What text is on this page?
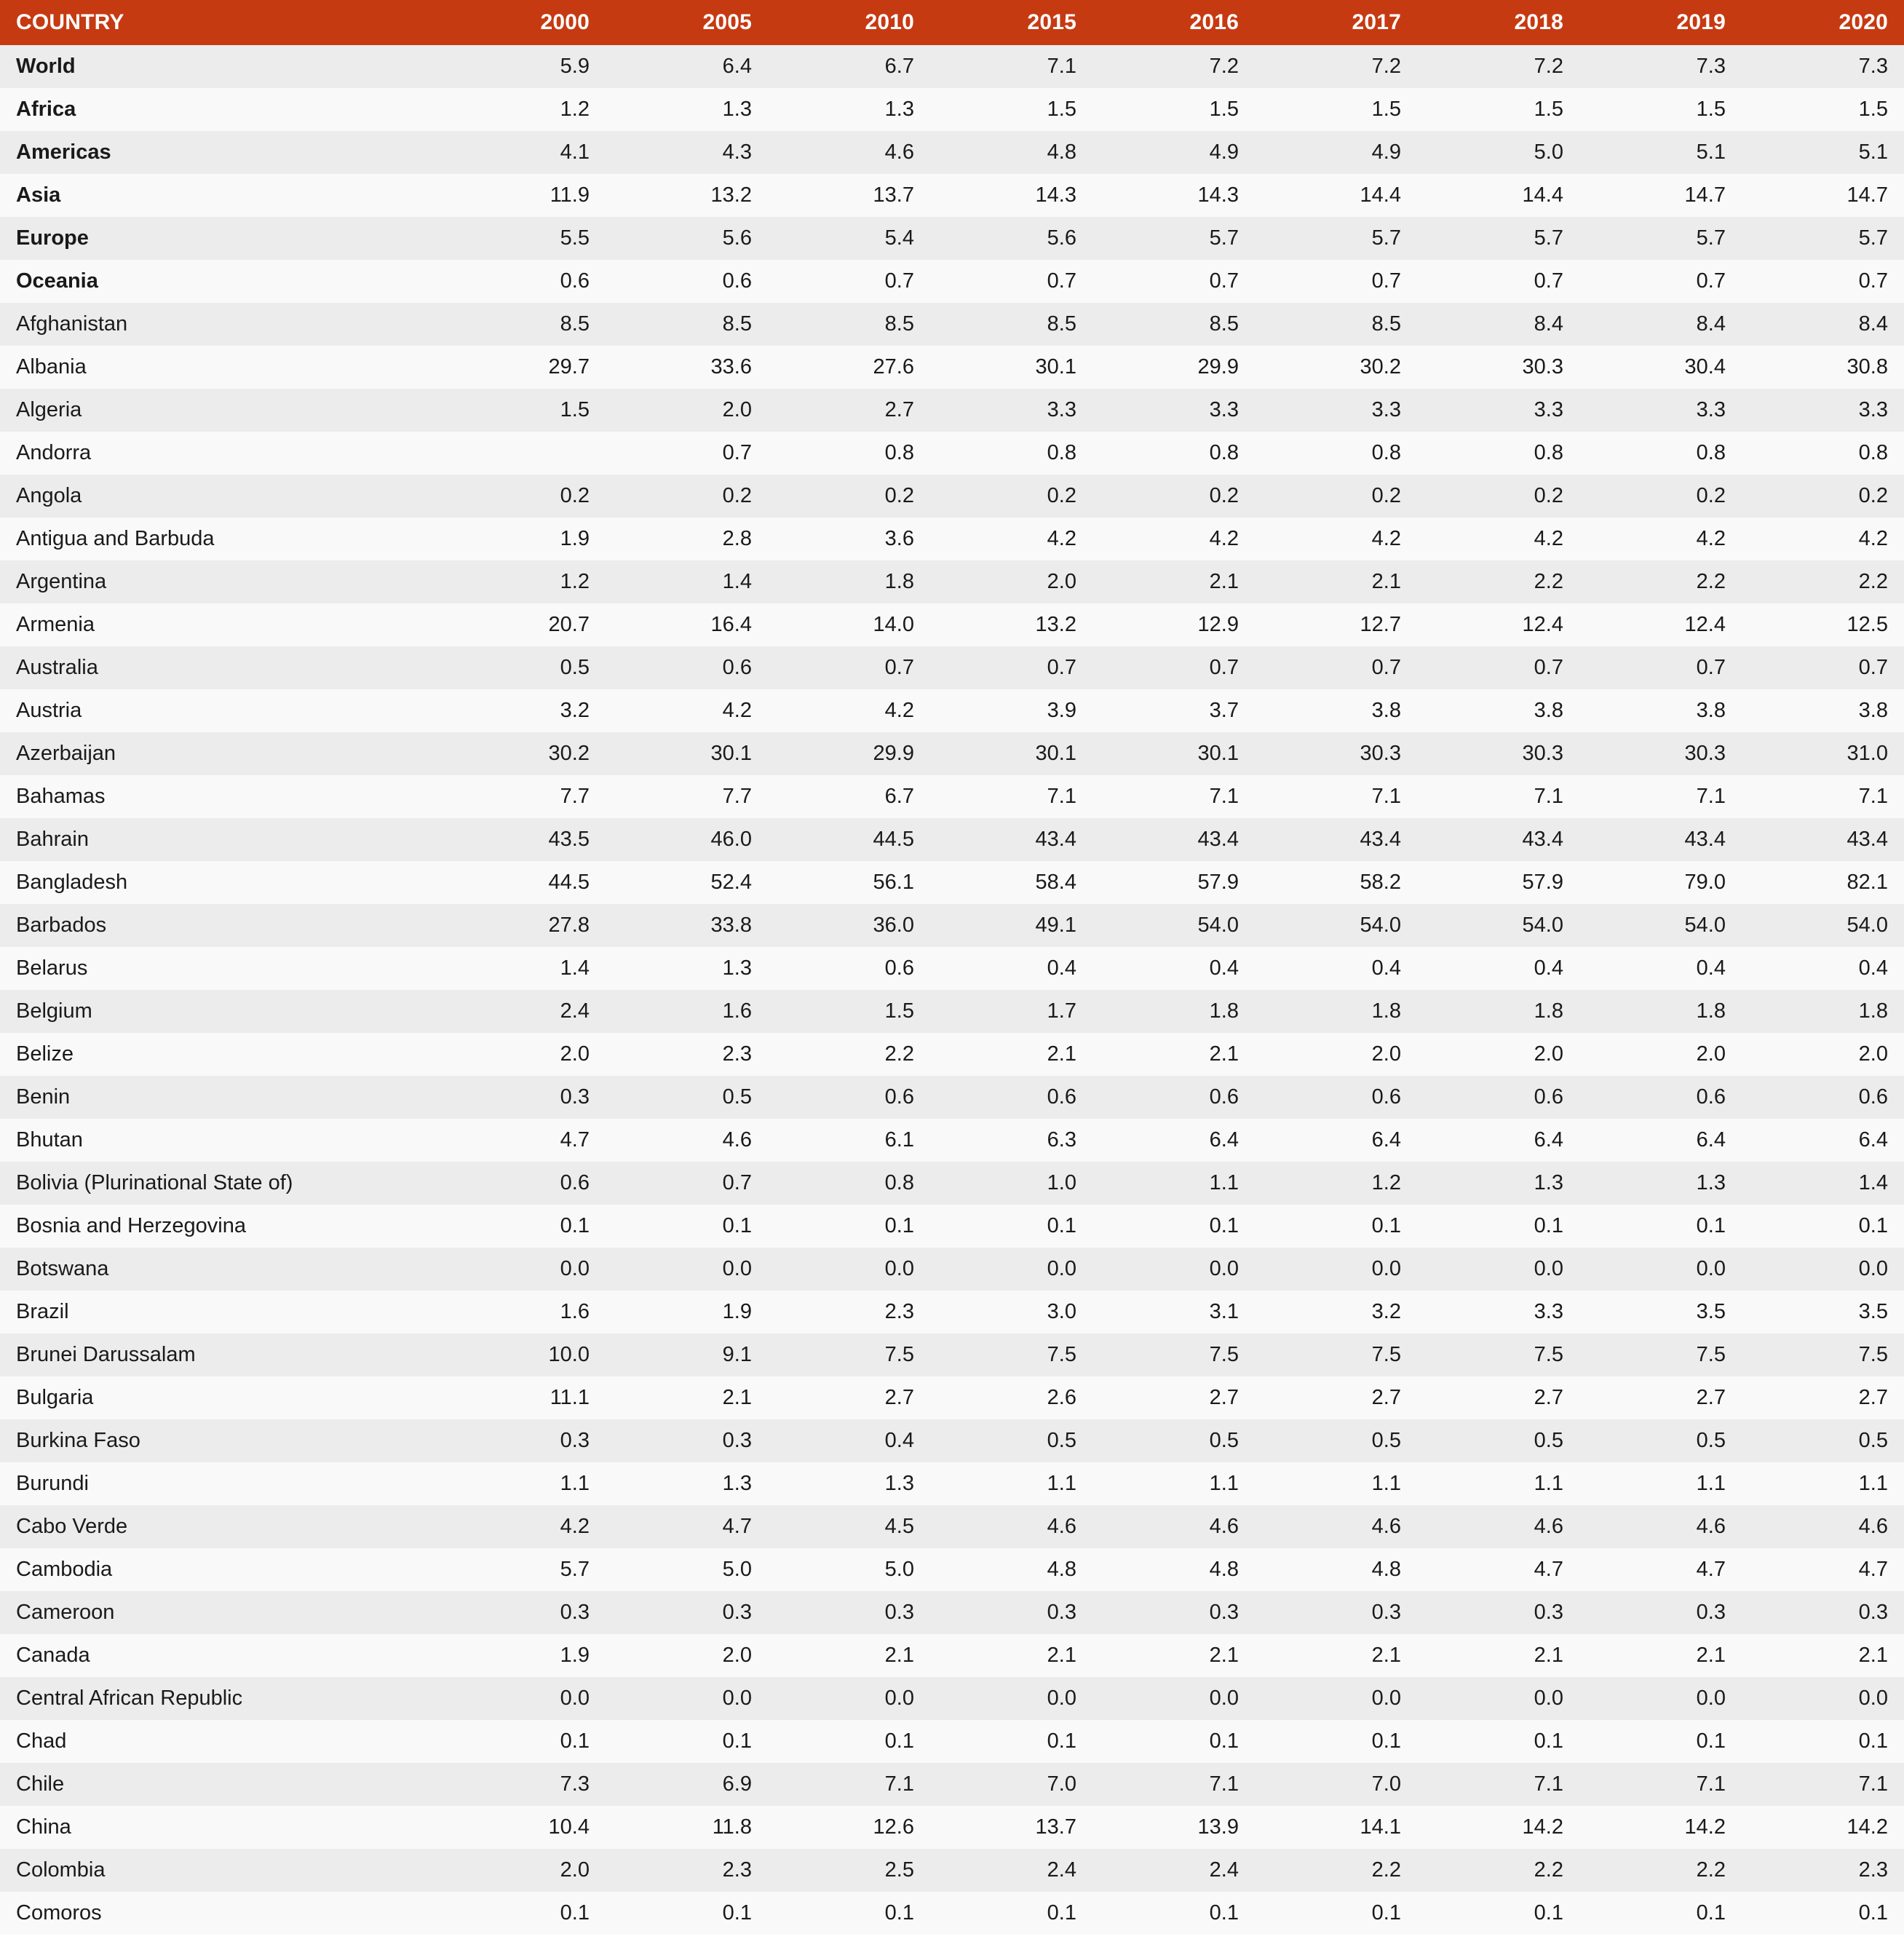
COUNTRY	2000	2005	2010	2015	2016	2017	2018	2019	2020
World	5.9	6.4	6.7	7.1	7.2	7.2	7.2	7.3	7.3
Africa	1.2	1.3	1.3	1.5	1.5	1.5	1.5	1.5	1.5
Americas	4.1	4.3	4.6	4.8	4.9	4.9	5.0	5.1	5.1
Asia	11.9	13.2	13.7	14.3	14.3	14.4	14.4	14.7	14.7
Europe	5.5	5.6	5.4	5.6	5.7	5.7	5.7	5.7	5.7
Oceania	0.6	0.6	0.7	0.7	0.7	0.7	0.7	0.7	0.7
Afghanistan	8.5	8.5	8.5	8.5	8.5	8.5	8.4	8.4	8.4
Albania	29.7	33.6	27.6	30.1	29.9	30.2	30.3	30.4	30.8
Algeria	1.5	2.0	2.7	3.3	3.3	3.3	3.3	3.3	3.3
Andorra		0.7	0.8	0.8	0.8	0.8	0.8	0.8	0.8
Angola	0.2	0.2	0.2	0.2	0.2	0.2	0.2	0.2	0.2
Antigua and Barbuda	1.9	2.8	3.6	4.2	4.2	4.2	4.2	4.2	4.2
Argentina	1.2	1.4	1.8	2.0	2.1	2.1	2.2	2.2	2.2
Armenia	20.7	16.4	14.0	13.2	12.9	12.7	12.4	12.4	12.5
Australia	0.5	0.6	0.7	0.7	0.7	0.7	0.7	0.7	0.7
Austria	3.2	4.2	4.2	3.9	3.7	3.8	3.8	3.8	3.8
Azerbaijan	30.2	30.1	29.9	30.1	30.1	30.3	30.3	30.3	31.0
Bahamas	7.7	7.7	6.7	7.1	7.1	7.1	7.1	7.1	7.1
Bahrain	43.5	46.0	44.5	43.4	43.4	43.4	43.4	43.4	43.4
Bangladesh	44.5	52.4	56.1	58.4	57.9	58.2	57.9	79.0	82.1
Barbados	27.8	33.8	36.0	49.1	54.0	54.0	54.0	54.0	54.0
Belarus	1.4	1.3	0.6	0.4	0.4	0.4	0.4	0.4	0.4
Belgium	2.4	1.6	1.5	1.7	1.8	1.8	1.8	1.8	1.8
Belize	2.0	2.3	2.2	2.1	2.1	2.0	2.0	2.0	2.0
Benin	0.3	0.5	0.6	0.6	0.6	0.6	0.6	0.6	0.6
Bhutan	4.7	4.6	6.1	6.3	6.4	6.4	6.4	6.4	6.4
Bolivia (Plurinational State of)	0.6	0.7	0.8	1.0	1.1	1.2	1.3	1.3	1.4
Bosnia and Herzegovina	0.1	0.1	0.1	0.1	0.1	0.1	0.1	0.1	0.1
Botswana	0.0	0.0	0.0	0.0	0.0	0.0	0.0	0.0	0.0
Brazil	1.6	1.9	2.3	3.0	3.1	3.2	3.3	3.5	3.5
Brunei Darussalam	10.0	9.1	7.5	7.5	7.5	7.5	7.5	7.5	7.5
Bulgaria	11.1	2.1	2.7	2.6	2.7	2.7	2.7	2.7	2.7
Burkina Faso	0.3	0.3	0.4	0.5	0.5	0.5	0.5	0.5	0.5
Burundi	1.1	1.3	1.3	1.1	1.1	1.1	1.1	1.1	1.1
Cabo Verde	4.2	4.7	4.5	4.6	4.6	4.6	4.6	4.6	4.6
Cambodia	5.7	5.0	5.0	4.8	4.8	4.8	4.7	4.7	4.7
Cameroon	0.3	0.3	0.3	0.3	0.3	0.3	0.3	0.3	0.3
Canada	1.9	2.0	2.1	2.1	2.1	2.1	2.1	2.1	2.1
Central African Republic	0.0	0.0	0.0	0.0	0.0	0.0	0.0	0.0	0.0
Chad	0.1	0.1	0.1	0.1	0.1	0.1	0.1	0.1	0.1
Chile	7.3	6.9	7.1	7.0	7.1	7.0	7.1	7.1	7.1
China	10.4	11.8	12.6	13.7	13.9	14.1	14.2	14.2	14.2
Colombia	2.0	2.3	2.5	2.4	2.4	2.2	2.2	2.2	2.3
Comoros	0.1	0.1	0.1	0.1	0.1	0.1	0.1	0.1	0.1
